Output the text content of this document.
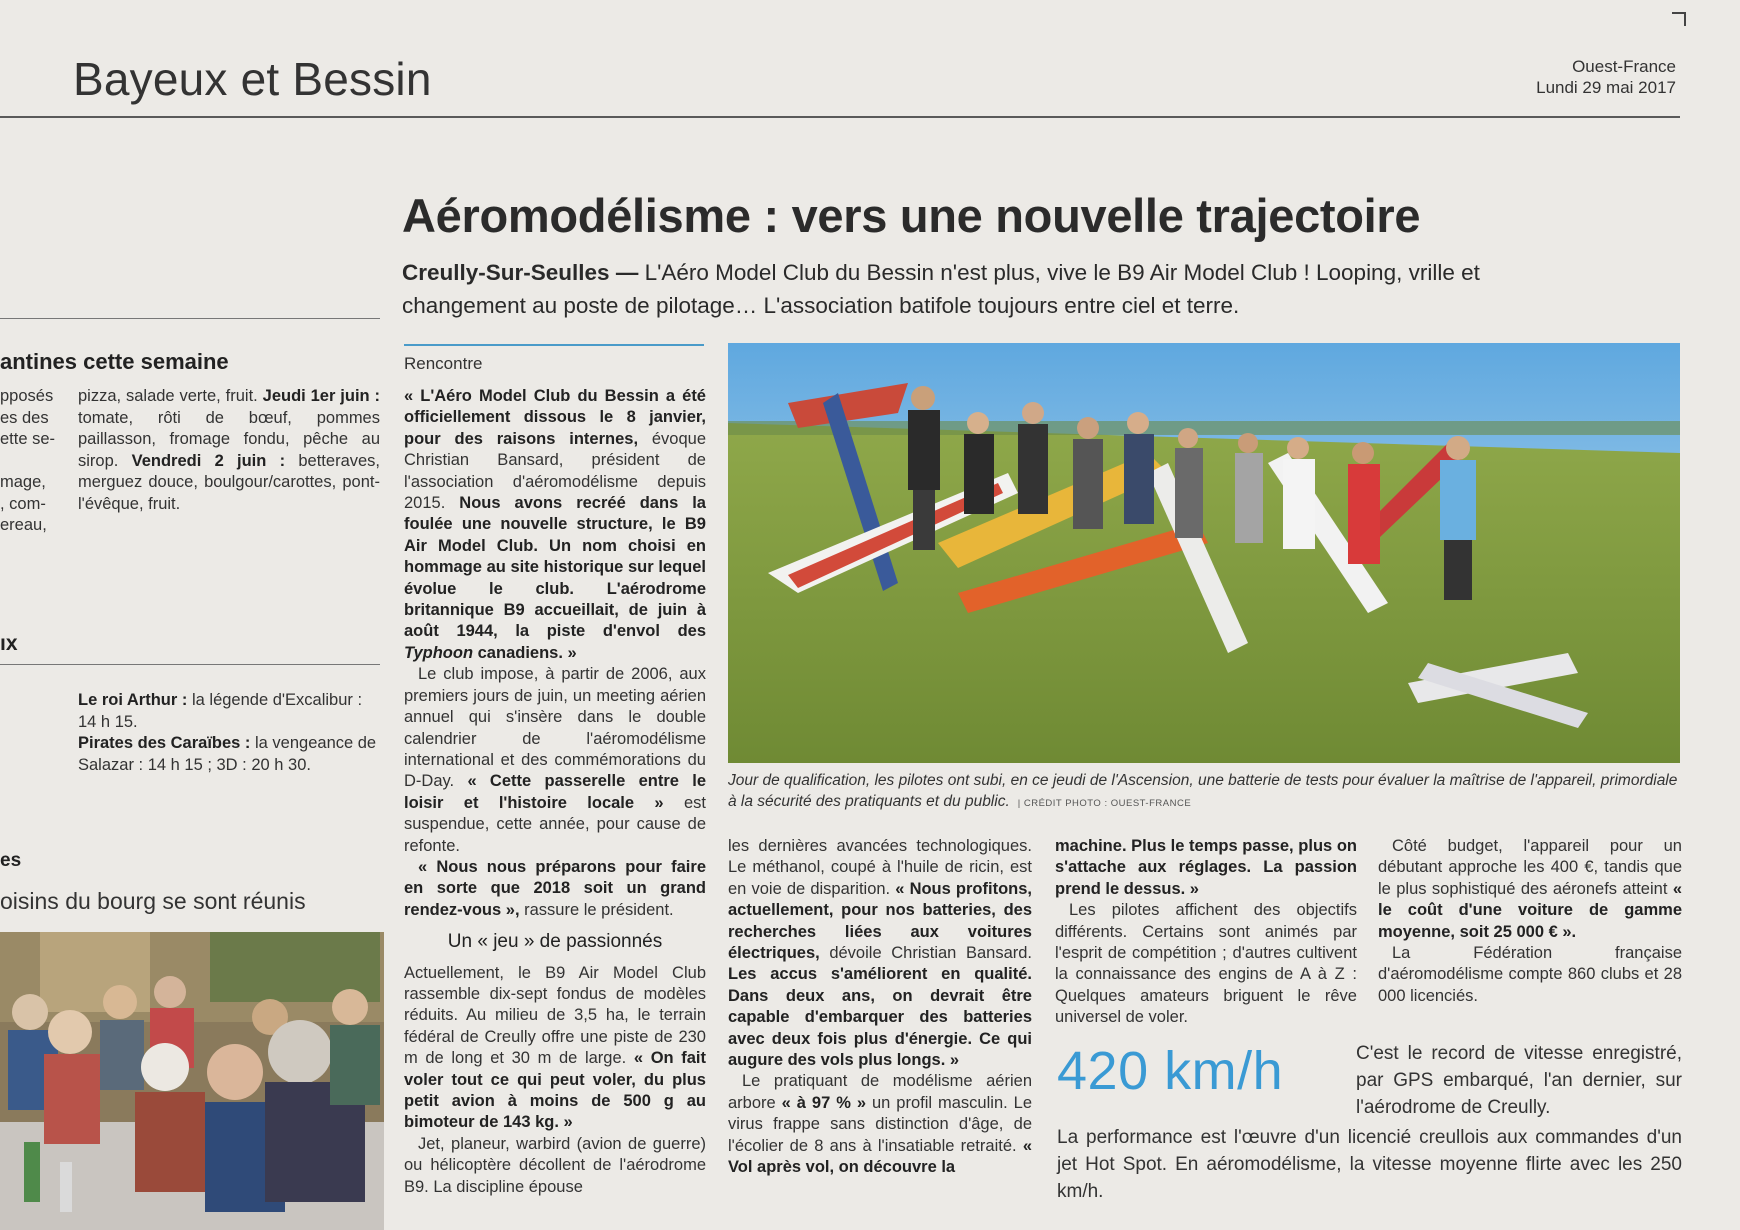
Bayeux et Bessin	Ouest-France
Lundi 29 mai 2017
antines cette semaine
pposés
es des
ette se-
mage,
, com-
ereau,
pizza, salade verte, fruit. Jeudi 1er juin : tomate, rôti de bœuf, pommes paillasson, fromage fondu, pêche au sirop. Vendredi 2 juin : betteraves, merguez douce, boulgour/carottes, pont-l'évêque, fruit.
ıx
Le roi Arthur : la légende d'Excalibur : 14 h 15.
Pirates des Caraïbes : la vengeance de Salazar : 14 h 15 ; 3D : 20 h 30.
es
oisins du bourg se sont réunis
Aéromodélisme : vers une nouvelle trajectoire
Creully-Sur-Seulles — L'Aéro Model Club du Bessin n'est plus, vive le B9 Air Model Club ! Looping, vrille et changement au poste de pilotage… L'association batifole toujours entre ciel et terre.
Rencontre

« L'Aéro Model Club du Bessin a été officiellement dissous le 8 janvier, pour des raisons internes, évoque Christian Bansard, président de l'association d'aéromodélisme depuis 2015. Nous avons recréé dans la foulée une nouvelle structure, le B9 Air Model Club. Un nom choisi en hommage au site historique sur lequel évolue le club. L'aérodrome britannique B9 accueillait, de juin à août 1944, la piste d'envol des Typhoon canadiens. »

Le club impose, à partir de 2006, aux premiers jours de juin, un meeting aérien annuel qui s'insère dans le double calendrier de l'aéromodélisme international et des commémorations du D-Day. « Cette passerelle entre le loisir et l'histoire locale » est suspendue, cette année, pour cause de refonte.

« Nous nous préparons pour faire en sorte que 2018 soit un grand rendez-vous », rassure le président.

Un « jeu » de passionnés

Actuellement, le B9 Air Model Club rassemble dix-sept fondus de modèles réduits. Au milieu de 3,5 ha, le terrain fédéral de Creully offre une piste de 230 m de long et 30 m de large. « On fait voler tout ce qui peut voler, du plus petit avion à moins de 500 g au bimoteur de 143 kg. »

Jet, planeur, warbird (avion de guerre) ou hélicoptère décollent de l'aérodrome B9. La discipline épouse

Jour de qualification, les pilotes ont subi, en ce jeudi de l'Ascension, une batterie de tests pour évaluer la maîtrise de l'appareil, primordiale à la sécurité des pratiquants et du public. | CRÉDIT PHOTO : OUEST-FRANCE

les dernières avancées technologiques. Le méthanol, coupé à l'huile de ricin, est en voie de disparition. « Nous profitons, actuellement, pour nos batteries, des recherches liées aux voitures électriques, dévoile Christian Bansard. Les accus s'améliorent en qualité. Dans deux ans, on devrait être capable d'embarquer des batteries avec deux fois plus d'énergie. Ce qui augure des vols plus longs. »

Le pratiquant de modélisme aérien arbore « à 97 % » un profil masculin. Le virus frappe sans distinction d'âge, de l'écolier de 8 ans à l'insatiable retraité. « Vol après vol, on découvre la

machine. Plus le temps passe, plus on s'attache aux réglages. La passion prend le dessus. »

Les pilotes affichent des objectifs différents. Certains sont animés par l'esprit de compétition ; d'autres cultivent la connaissance des engins de A à Z : Quelques amateurs briguent le rêve universel de voler.

Côté budget, l'appareil pour un débutant approche les 400 €, tandis que le plus sophistiqué des aéronefs atteint « le coût d'une voiture de gamme moyenne, soit 25 000 € ».

La Fédération française d'aéromodélisme compte 860 clubs et 28 000 licenciés.

420 km/h	C'est le record de vitesse enregistré, par GPS embarqué, l'an dernier, sur l'aérodrome de Creully.
La performance est l'œuvre d'un licencié creullois aux commandes d'un jet Hot Spot. En aéromodélisme, la vitesse moyenne flirte avec les 250 km/h.
